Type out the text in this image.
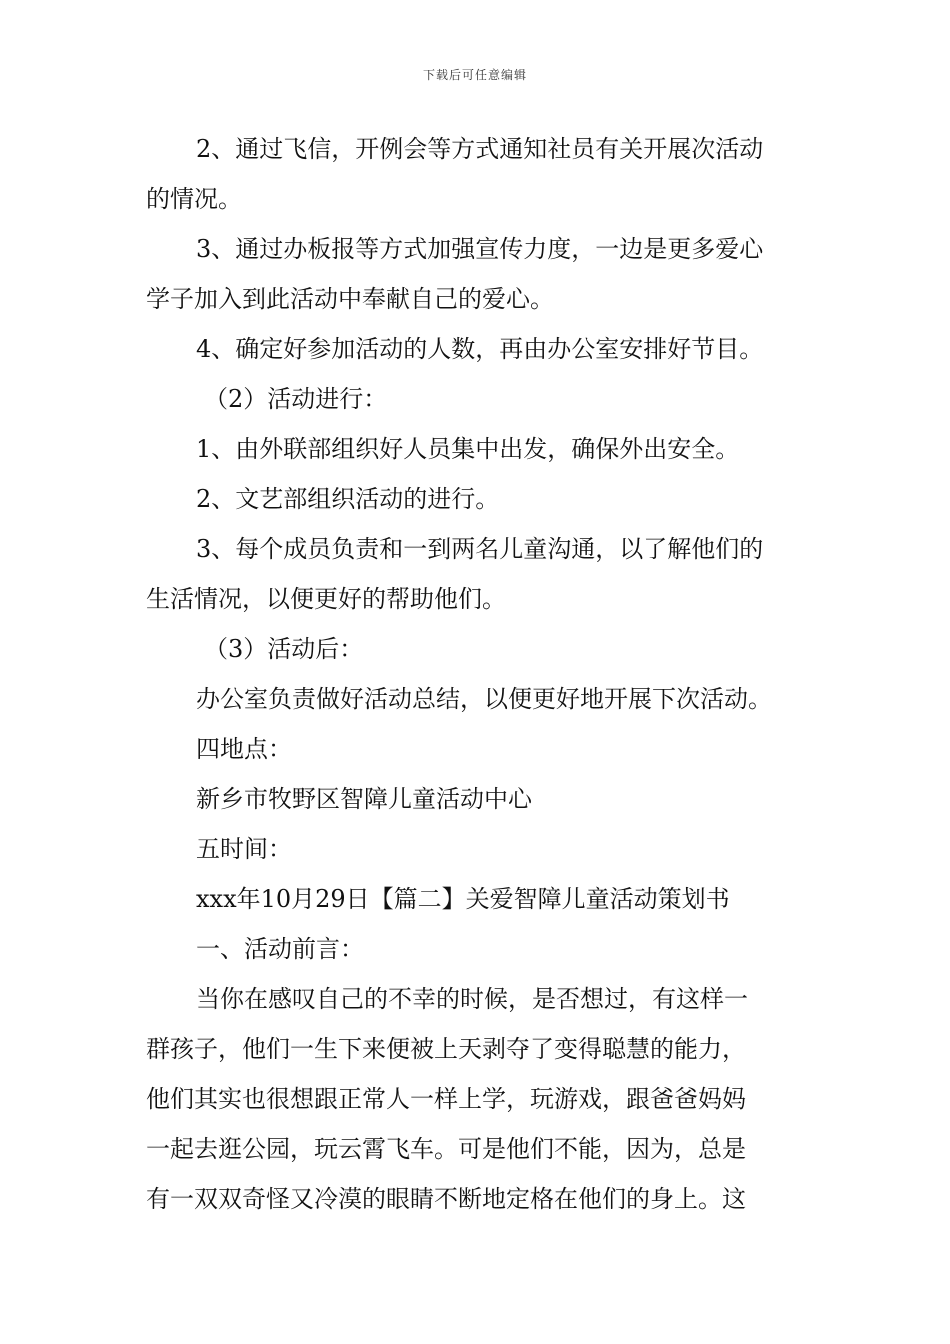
下载后可任意编辑
2、通过飞信，开例会等方式通知社员有关开展次活动
的情况。
3、通过办板报等方式加强宣传力度，一边是更多爱心
学子加入到此活动中奉献自己的爱心。
4、确定好参加活动的人数，再由办公室安排好节目。
（2）活动进行：
1、由外联部组织好人员集中出发，确保外出安全。
2、文艺部组织活动的进行。
3、每个成员负责和一到两名儿童沟通，以了解他们的
生活情况，以便更好的帮助他们。
（3）活动后：
办公室负责做好活动总结，以便更好地开展下次活动。
四地点：
新乡市牧野区智障儿童活动中心
五时间：
xxx年10月29日【篇二】关爱智障儿童活动策划书
一、活动前言：
当你在感叹自己的不幸的时候，是否想过，有这样一
群孩子，他们一生下来便被上天剥夺了变得聪慧的能力，
他们其实也很想跟正常人一样上学，玩游戏，跟爸爸妈妈
一起去逛公园，玩云霄飞车。可是他们不能，因为，总是
有一双双奇怪又冷漠的眼睛不断地定格在他们的身上。这
